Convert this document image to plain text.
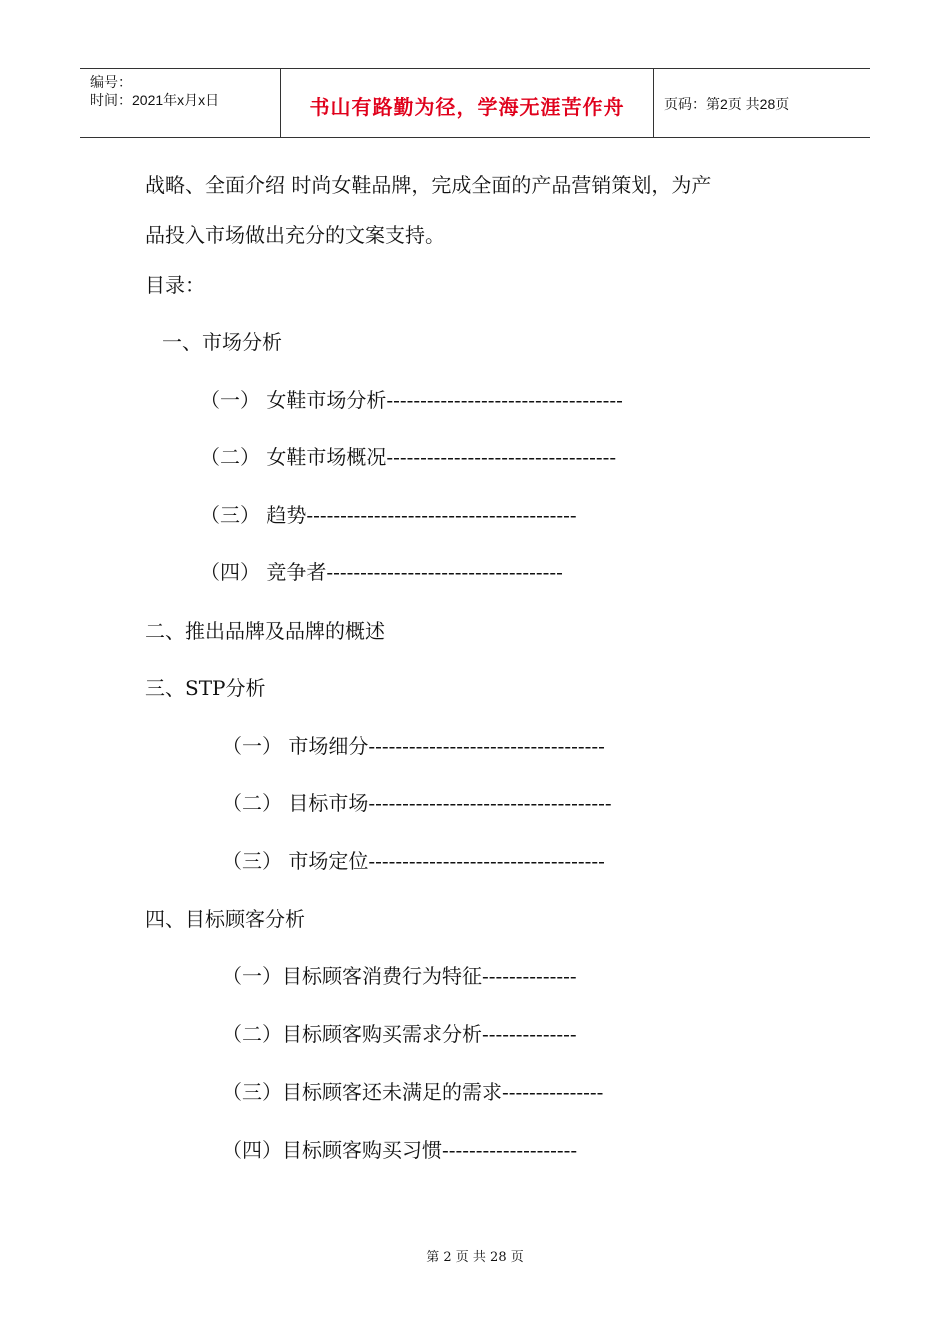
编号：
时间：2021年x月x日	书山有路勤为径，学海无涯苦作舟	页码：第2页 共28页
战略、全面介绍 时尚女鞋品牌，完成全面的产品营销策划，为产
品投入市场做出充分的文案支持。
目录：
一、市场分析
（一） 女鞋市场分析-----------------------------------
（二） 女鞋市场概况----------------------------------
（三） 趋势----------------------------------------
（四） 竞争者-----------------------------------
二、推出品牌及品牌的概述
三、STP分析
（一） 市场细分-----------------------------------
（二） 目标市场------------------------------------
（三） 市场定位-----------------------------------
四、目标顾客分析
（一）目标顾客消费行为特征--------------
（二）目标顾客购买需求分析--------------
（三）目标顾客还未满足的需求---------------
（四）目标顾客购买习惯--------------------
第 2 页 共 28 页
